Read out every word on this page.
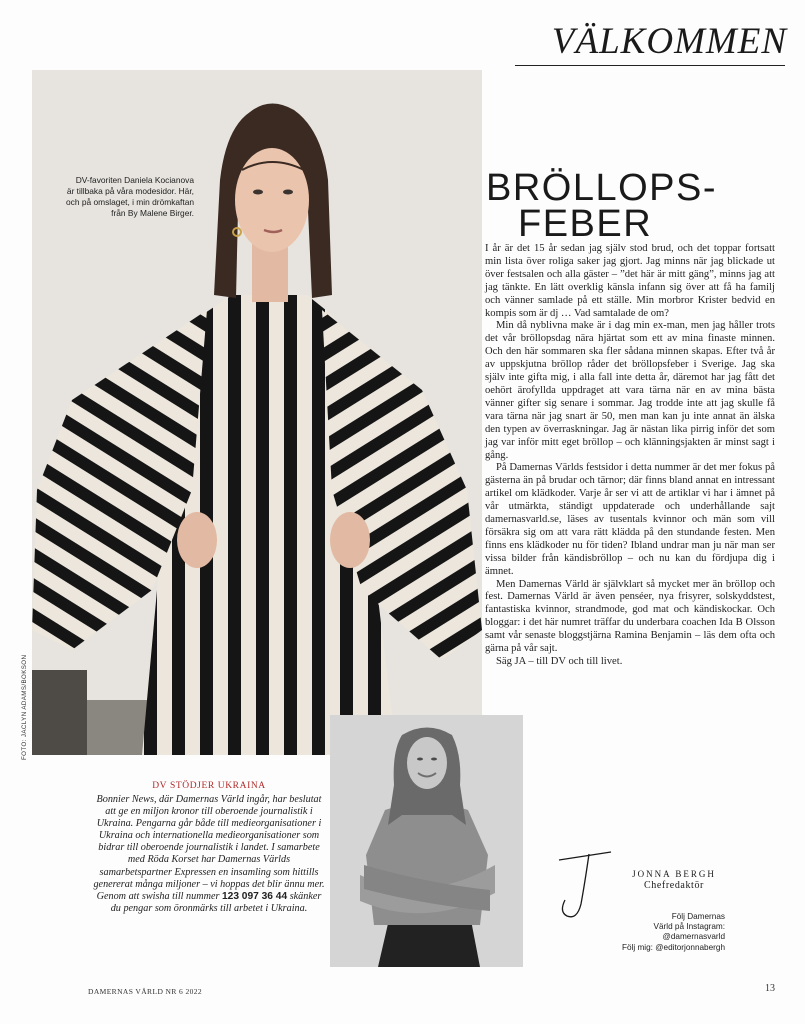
VÄLKOMMEN
DV-favoriten Daniela Kocianova är tillbaka på våra modesidor. Här, och på omslaget, i min drömkaftan från By Malene Birger.
FOTO: JACLYN ADAMS/BOKSON
BRÖLLOPS-
FEBER

I år är det 15 år sedan jag själv stod brud, och det toppar fortsatt min lista över roliga saker jag gjort. Jag minns när jag blickade ut över festsalen och alla gäster – ”det här är mitt gäng”, minns jag att jag tänkte. En lätt overklig känsla infann sig över att få ha familj och vänner samlade på ett ställe. Min morbror Krister bedvid en kompis som är dj … Vad samtalade de om?

Min då nyblivna make är i dag min ex-man, men jag håller trots det vår bröllopsdag nära hjärtat som ett av mina finaste minnen. Och den här sommaren ska fler sådana minnen skapas. Efter två år av uppskjutna bröllop råder det bröllopsfeber i Sverige. Jag ska själv inte gifta mig, i alla fall inte detta år, däremot har jag fått det oehört ärofyllda uppdraget att vara tärna när en av mina bästa vänner gifter sig senare i sommar. Jag trodde inte att jag skulle få vara tärna när jag snart är 50, men man kan ju inte annat än älska den typen av överraskningar. Jag är nästan lika pirrig inför det som jag var inför mitt eget bröllop – och klänningsjakten är minst sagt i gång.

På Damernas Världs festsidor i detta nummer är det mer fokus på gästerna än på brudar och tärnor; där finns bland annat en intressant artikel om klädkoder. Varje år ser vi att de artiklar vi har i ämnet på vår utmärkta, ständigt uppdaterade och underhållande sajt damernasvarld.se, läses av tusentals kvinnor och män som vill försäkra sig om att vara rätt klädda på den stundande festen. Men finns ens klädkoder nu för tiden? Ibland undrar man ju när man ser vissa bilder från kändisbröllop – och nu kan du fördjupa dig i ämnet.

Men Damernas Värld är självklart så mycket mer än bröllop och fest. Damernas Värld är även penséer, nya frisyrer, solskyddstest, fantastiska kvinnor, strandmode, god mat och kändiskockar. Och bloggar: i det här numret träffar du underbara coachen Ida B Olsson samt vår senaste bloggstjärna Ramina Benjamin – läs dem ofta och gärna på vår sajt.

Säg JA – till DV och till livet.

DV STÖDJER UKRAINA
Bonnier News, där Damernas Värld ingår, har beslutat att ge en miljon kronor till oberoende journalistik i Ukraina. Pengarna går både till medieorganisationer i Ukraina och internationella medieorganisationer som bidrar till oberoende journalistik i landet. I samarbete med Röda Korset har Damernas Världs samarbetspartner Expressen en insamling som hittills genererat många miljoner – vi hoppas det blir ännu mer. Genom att swisha till nummer 123 097 36 44 skänker du pengar som öronmärks till arbetet i Ukraina.
JONNA BERGH
Chefredaktör
Följ Damernas
Värld på Instagram:
@damernasvarld
Följ mig: @editorjonnabergh
DAMERNAS VÄRLD NR 6 2022	13
